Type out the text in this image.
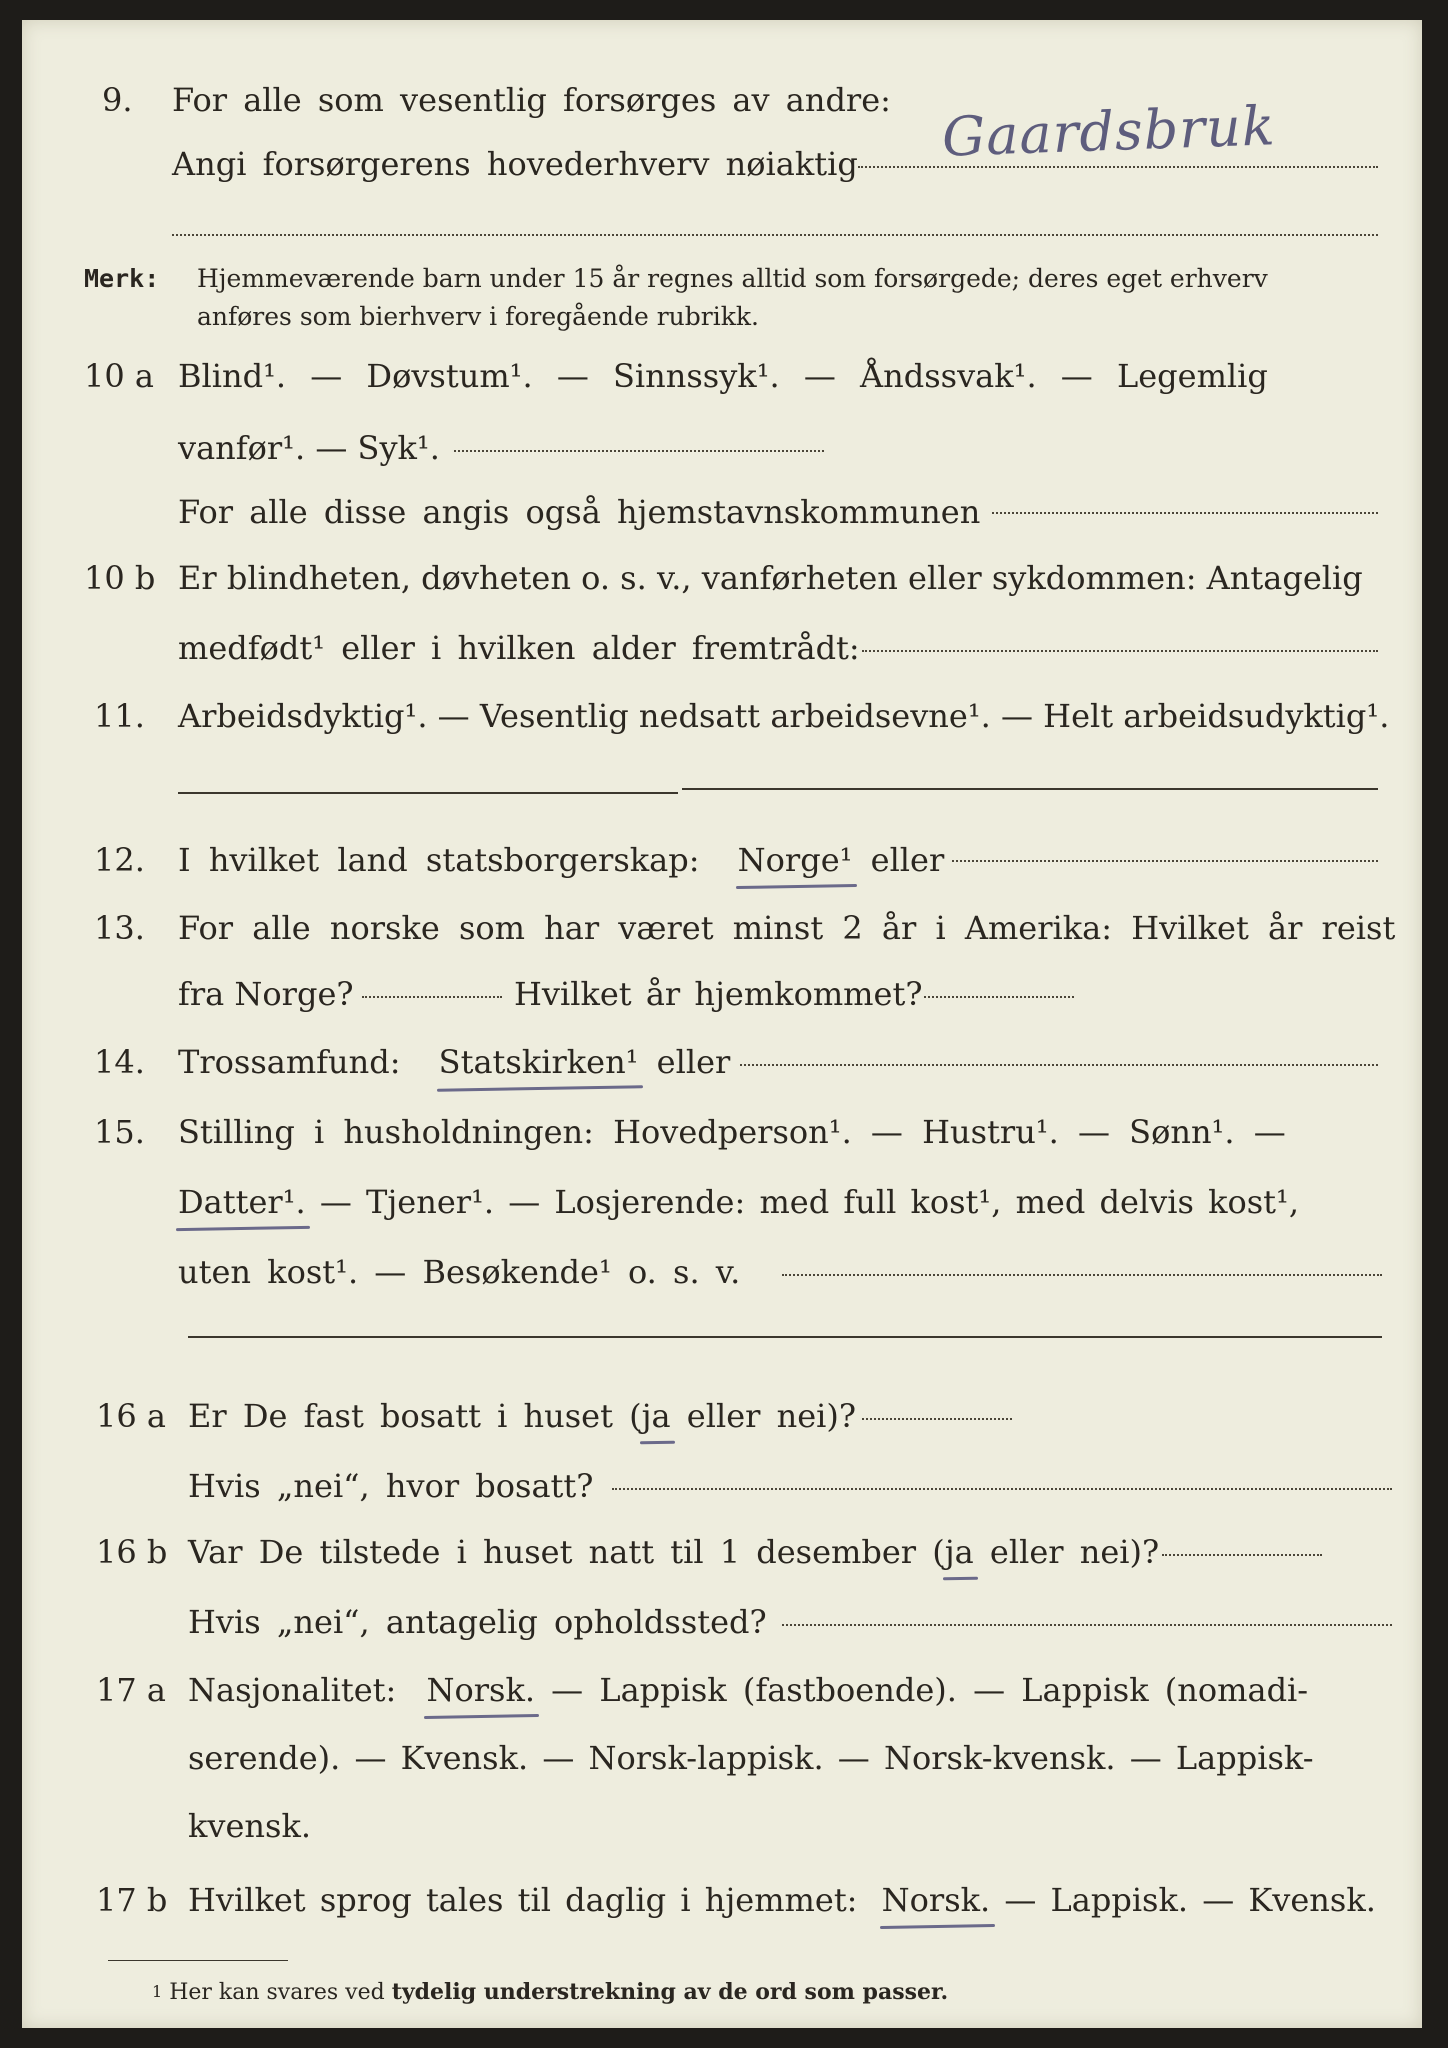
9.	For alle som vesentlig forsørges av andre:
Angi forsørgerens hovederhverv nøiaktig Gaardsbruk
Merk: Hjemmeværende barn under 15 år regnes alltid som forsørgede; deres eget erhverv
anføres som bierhverv i foregående rubrikk.
10 a Blind¹. — Døvstum¹. — Sinnssyk¹. — Åndssvak¹. — Legemlig
vanfør¹. — Syk¹.
For alle disse angis også hjemstavnskommunen
10 b Er blindheten, døvheten o. s. v., vanførheten eller sykdommen: Antagelig
medfødt¹ eller i hvilken alder fremtrådt:
11.	Arbeidsdyktig¹. — Vesentlig nedsatt arbeidsevne¹. — Helt arbeidsudyktig¹.
12.	I hvilket land statsborgerskap: Norge¹ eller
13.	For alle norske som har været minst 2 år i Amerika: Hvilket år reist
fra Norge?	Hvilket år hjemkommet?
14.	Trossamfund: Statskirken¹ eller
15.	Stilling i husholdningen: Hovedperson¹. — Hustru¹. — Sønn¹. —
Datter¹. — Tjener¹. — Losjerende: med full kost¹, med delvis kost¹,
uten kost¹. — Besøkende¹ o. s. v.
16 a Er De fast bosatt i huset (ja eller nei)?
Hvis „nei“, hvor bosatt?
16 b Var De tilstede i huset natt til 1 desember (ja eller nei)?
Hvis „nei“, antagelig opholdssted?
17 a Nasjonalitet: Norsk. — Lappisk (fastboende). — Lappisk (nomadi-
serende). — Kvensk. — Norsk-lappisk. — Norsk-kvensk. — Lappisk-
kvensk.
17 b Hvilket sprog tales til daglig i hjemmet: Norsk. — Lappisk. — Kvensk.
$^1$ Her kan svares ved tydelig understrekning av de ord som passer.
